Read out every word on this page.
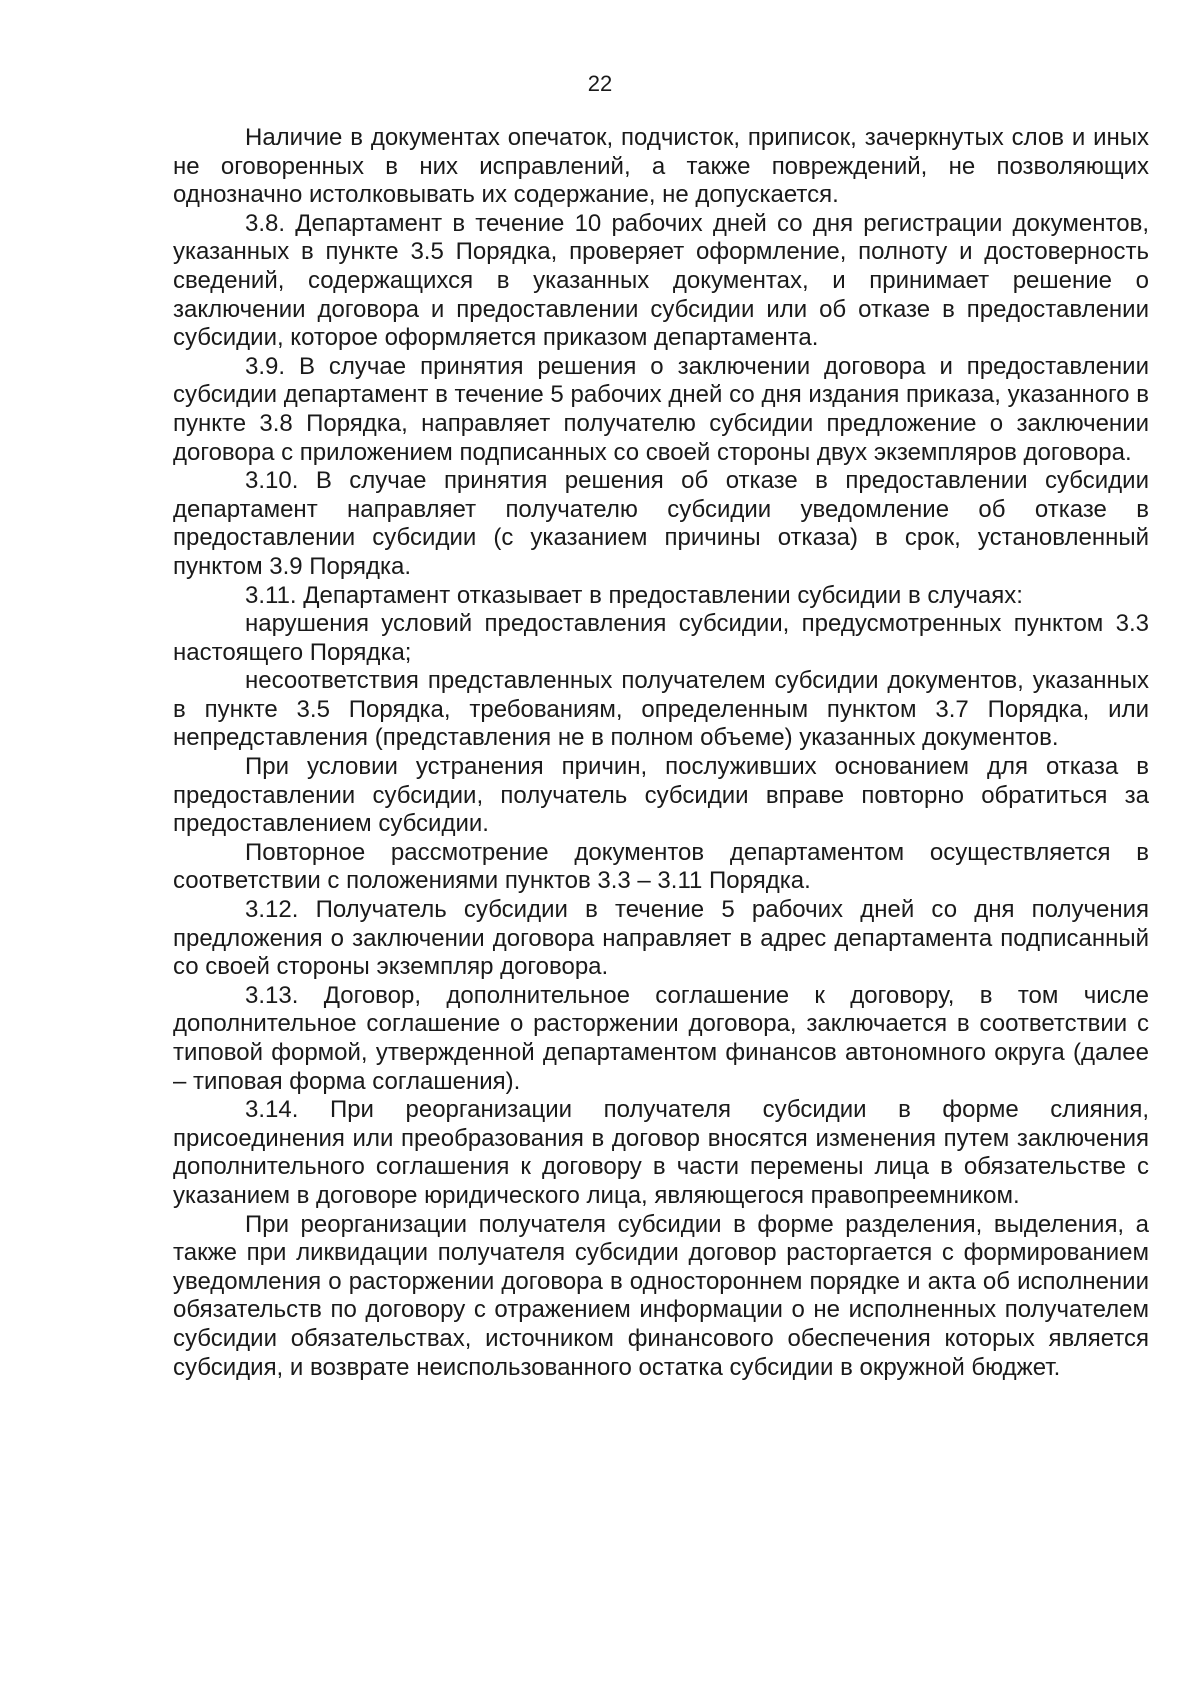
22

Наличие в документах опечаток, подчисток, приписок, зачеркнутых слов и иных не оговоренных в них исправлений, а также повреждений, не позволяющих однозначно истолковывать их содержание, не допускается.

3.8. Департамент в течение 10 рабочих дней со дня регистрации документов, указанных в пункте 3.5 Порядка, проверяет оформление, полноту и достоверность сведений, содержащихся в указанных документах, и принимает решение о заключении договора и предоставлении субсидии или об отказе в предоставлении субсидии, которое оформляется приказом департамента.

3.9. В случае принятия решения о заключении договора и предоставлении субсидии департамент в течение 5 рабочих дней со дня издания приказа, указанного в пункте 3.8 Порядка, направляет получателю субсидии предложение о заключении договора с приложением подписанных со своей стороны двух экземпляров договора.

3.10. В случае принятия решения об отказе в предоставлении субсидии департамент направляет получателю субсидии уведомление об отказе в предоставлении субсидии (с указанием причины отказа) в срок, установленный пунктом 3.9 Порядка.

3.11. Департамент отказывает в предоставлении субсидии в случаях:

нарушения условий предоставления субсидии, предусмотренных пунктом 3.3 настоящего Порядка;

несоответствия представленных получателем субсидии документов, указанных в пункте 3.5 Порядка, требованиям, определенным пунктом 3.7 Порядка, или непредставления (представления не в полном объеме) указанных документов.

При условии устранения причин, послуживших основанием для отказа в предоставлении субсидии, получатель субсидии вправе повторно обратиться за предоставлением субсидии.

Повторное рассмотрение документов департаментом осуществляется в соответствии с положениями пунктов 3.3 – 3.11 Порядка.

3.12. Получатель субсидии в течение 5 рабочих дней со дня получения предложения о заключении договора направляет в адрес департамента подписанный со своей стороны экземпляр договора.

3.13. Договор, дополнительное соглашение к договору, в том числе дополнительное соглашение о расторжении договора, заключается в соответствии с типовой формой, утвержденной департаментом финансов автономного округа (далее – типовая форма соглашения).

3.14. При реорганизации получателя субсидии в форме слияния, присоединения или преобразования в договор вносятся изменения путем заключения дополнительного соглашения к договору в части перемены лица в обязательстве с указанием в договоре юридического лица, являющегося правопреемником.

При реорганизации получателя субсидии в форме разделения, выделения, а также при ликвидации получателя субсидии договор расторгается с формированием уведомления о расторжении договора в одностороннем порядке и акта об исполнении обязательств по договору с отражением информации о не исполненных получателем субсидии обязательствах, источником финансового обеспечения которых является субсидия, и возврате неиспользованного остатка субсидии в окружной бюджет.
